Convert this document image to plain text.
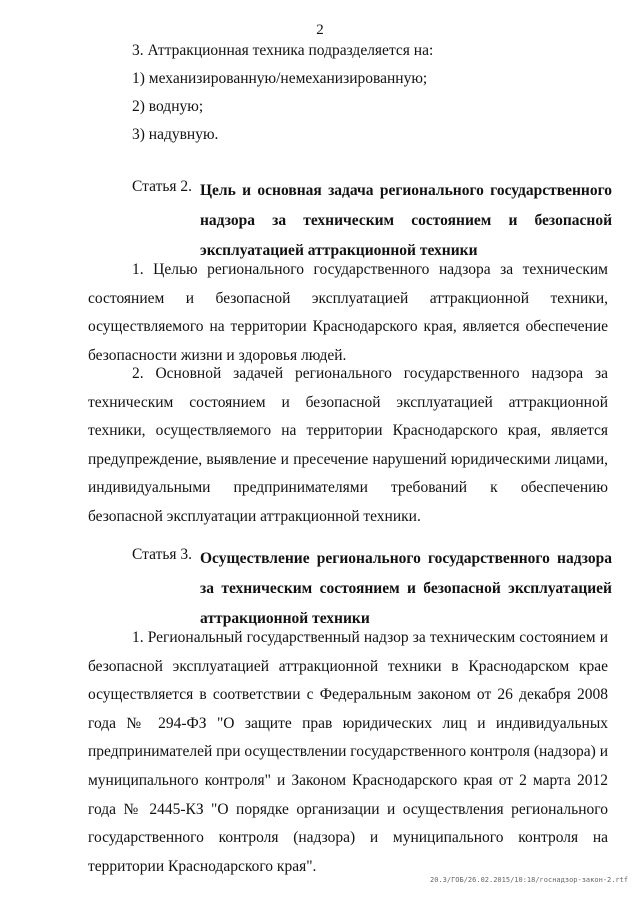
2
3. Аттракционная техника подразделяется на:
1) механизированную/немеханизированную;
2) водную;
3) надувную.
Статья 2. Цель и основная задача регионального государственного надзора за техническим состоянием и безопасной эксплуатацией аттракционной техники
1. Целью регионального государственного надзора за техническим состоянием и безопасной эксплуатацией аттракционной техники, осуществляемого на территории Краснодарского края, является обеспечение безопасности жизни и здоровья людей.
2. Основной задачей регионального государственного надзора за техническим состоянием и безопасной эксплуатацией аттракционной техники, осуществляемого на территории Краснодарского края, является предупреждение, выявление и пресечение нарушений юридическими лицами, индивидуальными предпринимателями требований к обеспечению безопасной эксплуатации аттракционной техники.
Статья 3. Осуществление регионального государственного надзора за техническим состоянием и безопасной эксплуатацией аттракционной техники
1. Региональный государственный надзор за техническим состоянием и безопасной эксплуатацией аттракционной техники в Краснодарском крае осуществляется в соответствии с Федеральным законом от 26 декабря 2008 года № 294-ФЗ "О защите прав юридических лиц и индивидуальных предпринимателей при осуществлении государственного контроля (надзора) и муниципального контроля" и Законом Краснодарского края от 2 марта 2012 года № 2445-КЗ "О порядке организации и осуществления регионального государственного контроля (надзора) и муниципального контроля на территории Краснодарского края".
20.3/ГОБ/26.02.2015/10:18/госнадзор-закон-2.rtf
